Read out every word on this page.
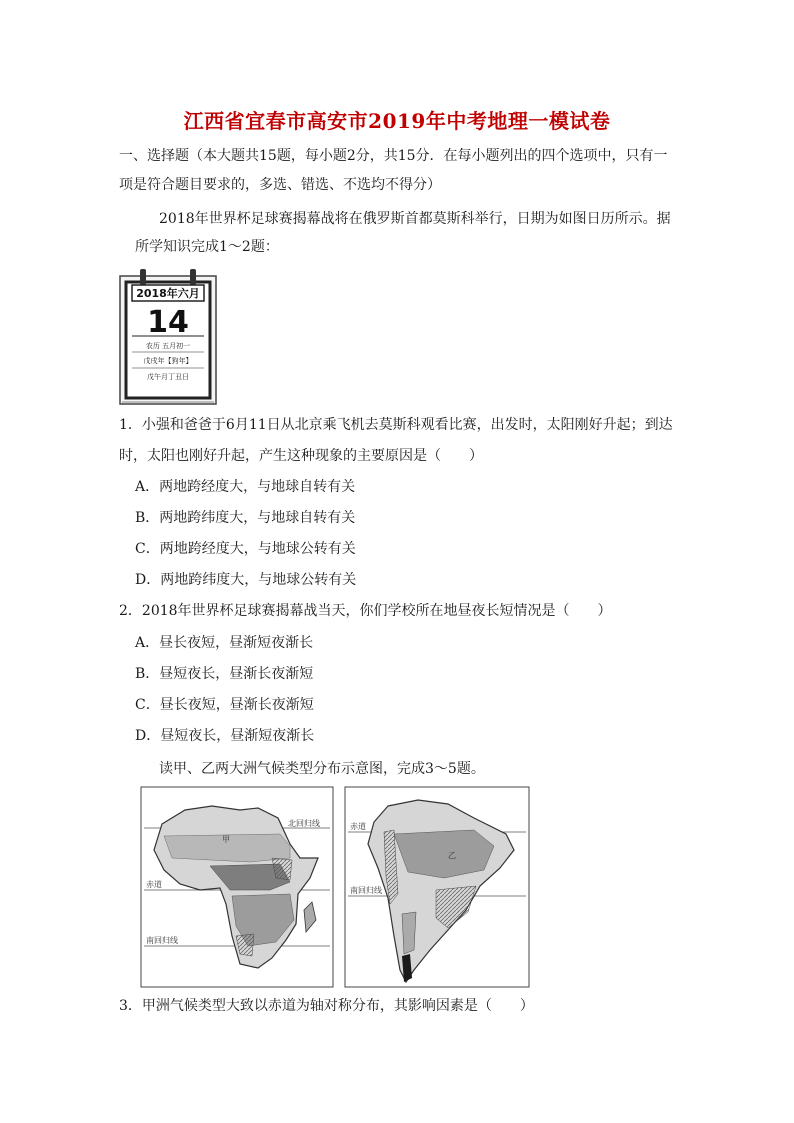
江西省宜春市高安市2019年中考地理一模试卷
一、选择题（本大题共15题，每小题2分，共15分．在每小题列出的四个选项中，只有一
项是符合题目要求的，多选、错选、不选均不得分）
2018年世界杯足球赛揭幕战将在俄罗斯首都莫斯科举行，日期为如图日历所示。据
所学知识完成1～2题：
2018年六月
14
农历 五月初一
戊戌年【狗年】
戊午月丁丑日
1．小强和爸爸于6月11日从北京乘飞机去莫斯科观看比赛，出发时，太阳刚好升起；到达
时，太阳也刚好升起，产生这种现象的主要原因是（　　）
A．两地跨经度大，与地球自转有关
B．两地跨纬度大，与地球自转有关
C．两地跨经度大，与地球公转有关
D．两地跨纬度大，与地球公转有关
2．2018年世界杯足球赛揭幕战当天，你们学校所在地昼夜长短情况是（　　）
A．昼长夜短，昼渐短夜渐长
B．昼短夜长，昼渐长夜渐短
C．昼长夜短，昼渐长夜渐短
D．昼短夜长，昼渐短夜渐长
读甲、乙两大洲气候类型分布示意图，完成3～5题。
甲
北回归线
赤道
南回归线
乙
赤道
南回归线
3．甲洲气候类型大致以赤道为轴对称分布，其影响因素是（　　）
